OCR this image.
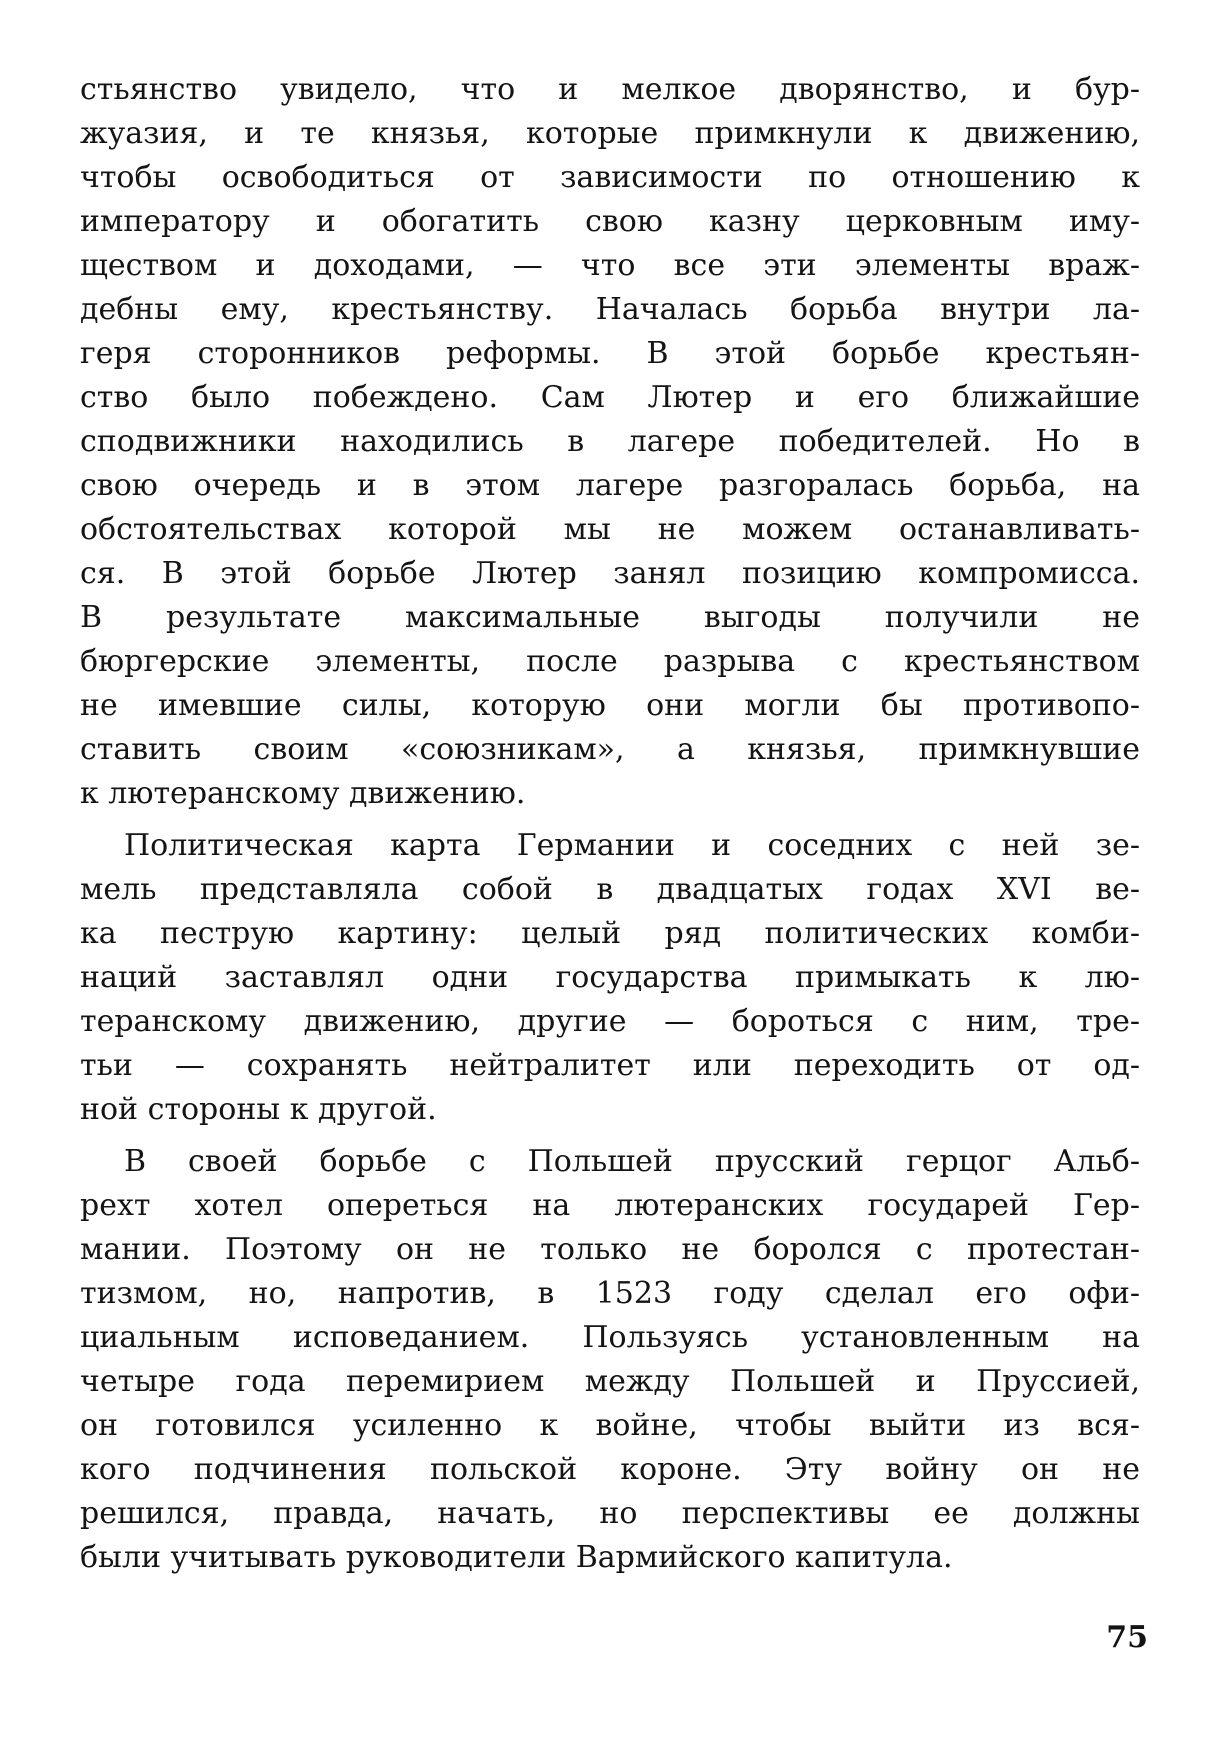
стьянство увидело, что и мелкое дворянство, и бур-
жуазия, и те князья, которые примкнули к движению,
чтобы освободиться от зависимости по отношению к
императору и обогатить свою казну церковным иму-
ществом и доходами, — что все эти элементы враж-
дебны ему, крестьянству. Началась борьба внутри ла-
геря сторонников реформы. В этой борьбе крестьян-
ство было побеждено. Сам Лютер и его ближайшие
сподвижники находились в лагере победителей. Но в
свою очередь и в этом лагере разгоралась борьба, на
обстоятельствах которой мы не можем останавливать-
ся. В этой борьбе Лютер занял позицию компромисса.
В результате максимальные выгоды получили не
бюргерские элементы, после разрыва с крестьянством
не имевшие силы, которую они могли бы противопо-
ставить своим «союзникам», а князья, примкнувшие
к лютеранскому движению.
Политическая карта Германии и соседних с ней зе-
мель представляла собой в двадцатых годах XVI ве-
ка пеструю картину: целый ряд политических комби-
наций заставлял одни государства примыкать к лю-
теранскому движению, другие — бороться с ним, тре-
тьи — сохранять нейтралитет или переходить от од-
ной стороны к другой.
В своей борьбе с Польшей прусский герцог Альб-
рехт хотел опереться на лютеранских государей Гер-
мании. Поэтому он не только не боролся с протестан-
тизмом, но, напротив, в 1523 году сделал его офи-
циальным исповеданием. Пользуясь установленным на
четыре года перемирием между Польшей и Пруссией,
он готовился усиленно к войне, чтобы выйти из вся-
кого подчинения польской короне. Эту войну он не
решился, правда, начать, но перспективы ее должны
были учитывать руководители Вармийского капитула.
75
